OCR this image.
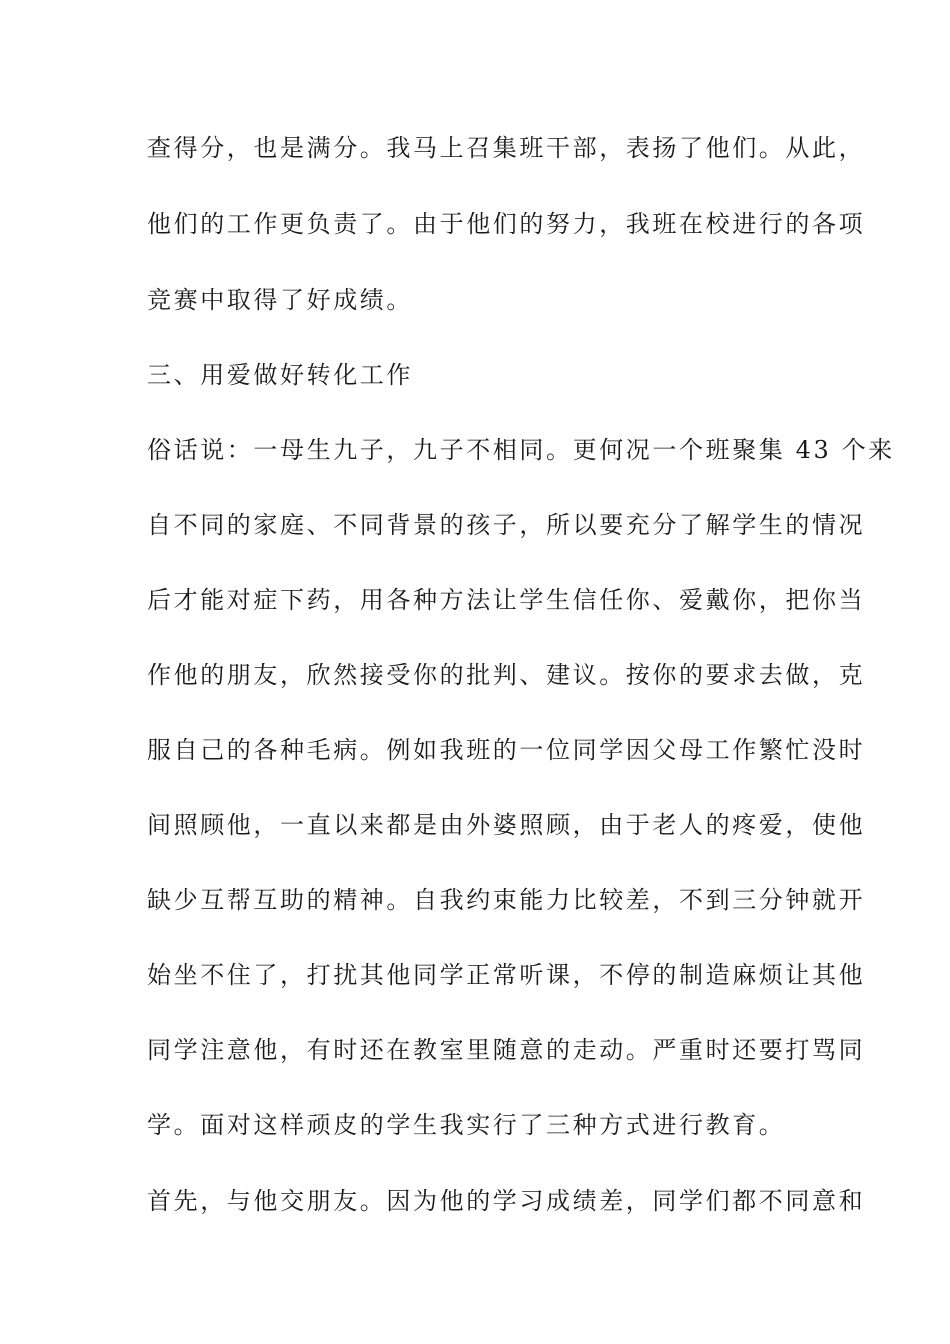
查得分，也是满分。我马上召集班干部，表扬了他们。从此，
他们的工作更负责了。由于他们的努力，我班在校进行的各项
竞赛中取得了好成绩。
三、用爱做好转化工作
俗话说：一母生九子，九子不相同。更何况一个班聚集 43 个来
自不同的家庭、不同背景的孩子，所以要充分了解学生的情况
后才能对症下药，用各种方法让学生信任你、爱戴你，把你当
作他的朋友，欣然接受你的批判、建议。按你的要求去做，克
服自己的各种毛病。例如我班的一位同学因父母工作繁忙没时
间照顾他，一直以来都是由外婆照顾，由于老人的疼爱，使他
缺少互帮互助的精神。自我约束能力比较差，不到三分钟就开
始坐不住了，打扰其他同学正常听课，不停的制造麻烦让其他
同学注意他，有时还在教室里随意的走动。严重时还要打骂同
学。面对这样顽皮的学生我实行了三种方式进行教育。
首先，与他交朋友。因为他的学习成绩差，同学们都不同意和
